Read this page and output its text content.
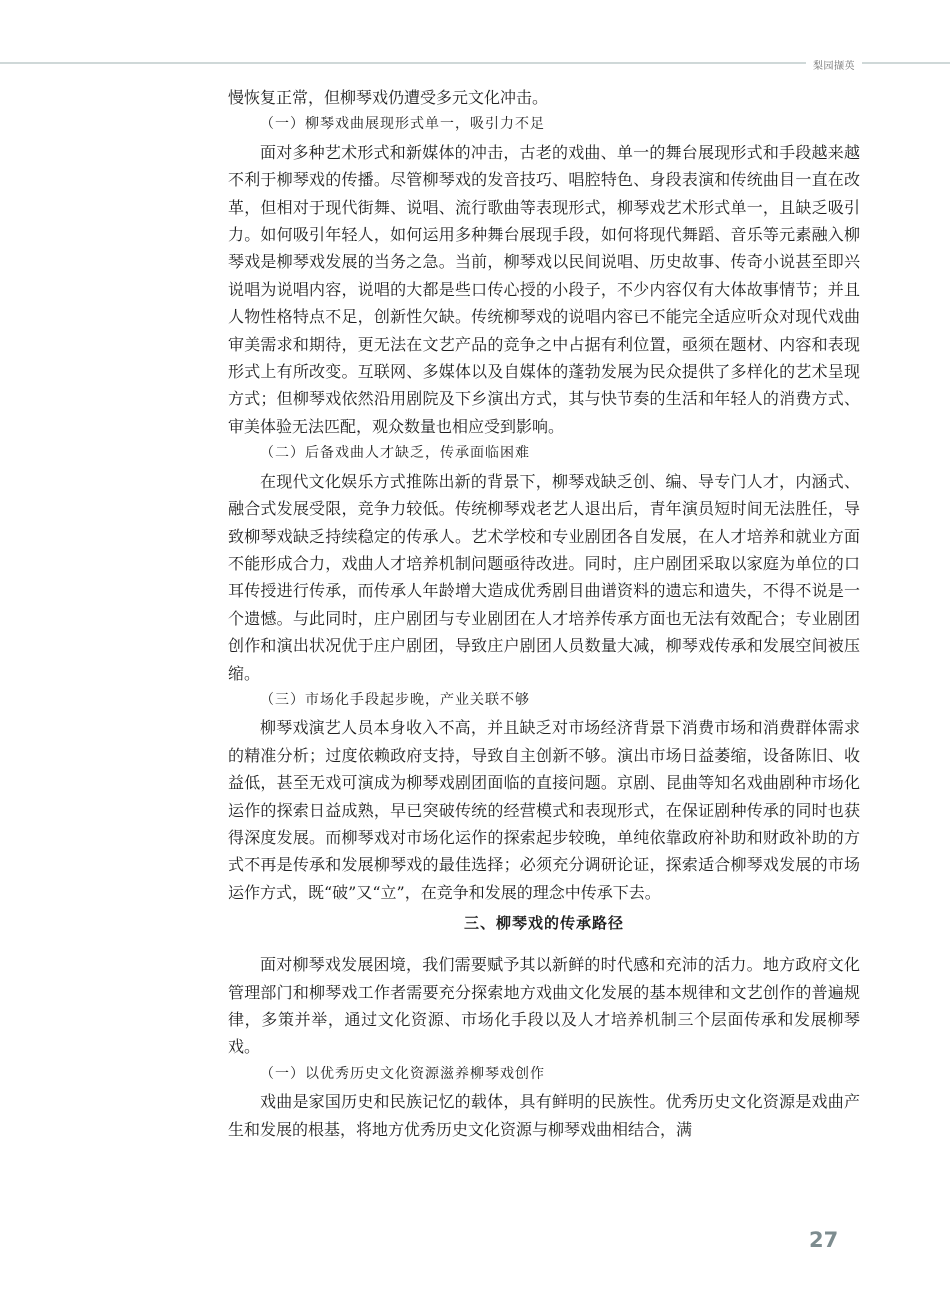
梨园撷英

慢恢复正常，但柳琴戏仍遭受多元文化冲击。

（一）柳琴戏曲展现形式单一，吸引力不足

面对多种艺术形式和新媒体的冲击，古老的戏曲、单一的舞台展现形式和手段越来越不利于柳琴戏的传播。尽管柳琴戏的发音技巧、唱腔特色、身段表演和传统曲目一直在改革，但相对于现代街舞、说唱、流行歌曲等表现形式，柳琴戏艺术形式单一，且缺乏吸引力。如何吸引年轻人，如何运用多种舞台展现手段，如何将现代舞蹈、音乐等元素融入柳琴戏是柳琴戏发展的当务之急。当前，柳琴戏以民间说唱、历史故事、传奇小说甚至即兴说唱为说唱内容，说唱的大都是些口传心授的小段子，不少内容仅有大体故事情节；并且人物性格特点不足，创新性欠缺。传统柳琴戏的说唱内容已不能完全适应听众对现代戏曲审美需求和期待，更无法在文艺产品的竞争之中占据有利位置，亟须在题材、内容和表现形式上有所改变。互联网、多媒体以及自媒体的蓬勃发展为民众提供了多样化的艺术呈现方式；但柳琴戏依然沿用剧院及下乡演出方式，其与快节奏的生活和年轻人的消费方式、审美体验无法匹配，观众数量也相应受到影响。

（二）后备戏曲人才缺乏，传承面临困难

在现代文化娱乐方式推陈出新的背景下，柳琴戏缺乏创、编、导专门人才，内涵式、融合式发展受限，竞争力较低。传统柳琴戏老艺人退出后，青年演员短时间无法胜任，导致柳琴戏缺乏持续稳定的传承人。艺术学校和专业剧团各自发展，在人才培养和就业方面不能形成合力，戏曲人才培养机制问题亟待改进。同时，庄户剧团采取以家庭为单位的口耳传授进行传承，而传承人年龄增大造成优秀剧目曲谱资料的遗忘和遗失，不得不说是一个遗憾。与此同时，庄户剧团与专业剧团在人才培养传承方面也无法有效配合；专业剧团创作和演出状况优于庄户剧团，导致庄户剧团人员数量大减，柳琴戏传承和发展空间被压缩。

（三）市场化手段起步晚，产业关联不够

柳琴戏演艺人员本身收入不高，并且缺乏对市场经济背景下消费市场和消费群体需求的精准分析；过度依赖政府支持，导致自主创新不够。演出市场日益萎缩，设备陈旧、收益低，甚至无戏可演成为柳琴戏剧团面临的直接问题。京剧、昆曲等知名戏曲剧种市场化运作的探索日益成熟，早已突破传统的经营模式和表现形式，在保证剧种传承的同时也获得深度发展。而柳琴戏对市场化运作的探索起步较晚，单纯依靠政府补助和财政补助的方式不再是传承和发展柳琴戏的最佳选择；必须充分调研论证，探索适合柳琴戏发展的市场运作方式，既“破”又“立”，在竞争和发展的理念中传承下去。

三、柳琴戏的传承路径

面对柳琴戏发展困境，我们需要赋予其以新鲜的时代感和充沛的活力。地方政府文化管理部门和柳琴戏工作者需要充分探索地方戏曲文化发展的基本规律和文艺创作的普遍规律，多策并举，通过文化资源、市场化手段以及人才培养机制三个层面传承和发展柳琴戏。

（一）以优秀历史文化资源滋养柳琴戏创作

戏曲是家国历史和民族记忆的载体，具有鲜明的民族性。优秀历史文化资源是戏曲产生和发展的根基，将地方优秀历史文化资源与柳琴戏曲相结合，满

27
